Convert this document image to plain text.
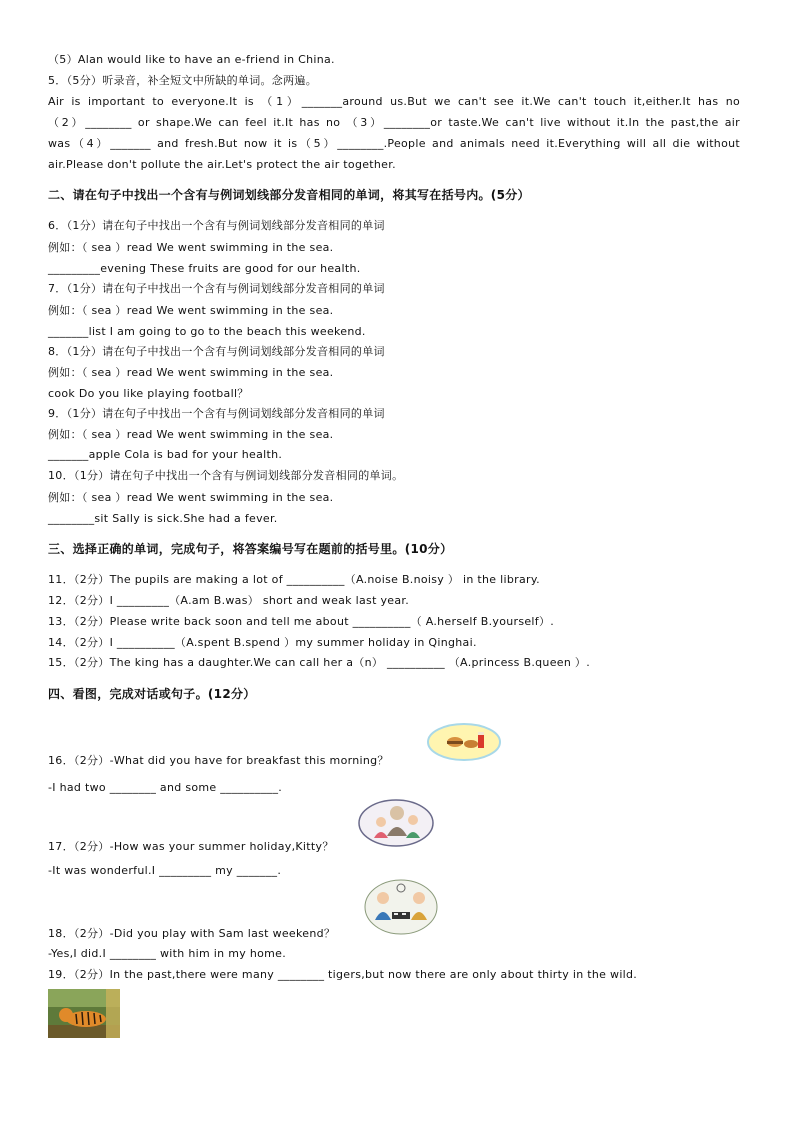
（5）Alan would like to have an e-friend in China.
5．（5分）听录音，补全短文中所缺的单词。念两遍。
Air is important to everyone.It is （1）_______around us.But we can't see it.We can't touch it,either.It has no
（2）________ or shape.We can feel it.It has no （3）________or taste.We can't live without it.In the past,the air
was（4）_______ and fresh.But now it is（5）________.People and animals need it.Everything will all die without
air.Please don't pollute the air.Let's protect the air together.
二、请在句子中找出一个含有与例词划线部分发音相同的单词，将其写在括号内。(5分）
6．（1分）请在句子中找出一个含有与例词划线部分发音相同的单词
例如：（ sea ）read We went swimming in the sea.
_________evening These fruits are good for our health.
7．（1分）请在句子中找出一个含有与例词划线部分发音相同的单词
例如：（ sea ）read We went swimming in the sea.
_______list I am going to go to the beach this weekend.
8．（1分）请在句子中找出一个含有与例词划线部分发音相同的单词
例如：（ sea ）read We went swimming in the sea.
cook Do you like playing football？
9．（1分）请在句子中找出一个含有与例词划线部分发音相同的单词
例如：（ sea ）read We went swimming in the sea.
_______apple Cola is bad for your health.
10．（1分）请在句子中找出一个含有与例词划线部分发音相同的单词。
例如：（ sea ）read We went swimming in the sea.
________sit Sally is sick.She had a fever.
三、选择正确的单词，完成句子，将答案编号写在题前的括号里。(10分）
11．（2分）The pupils are making a lot of __________（A.noise B.noisy ） in the library.
12．（2分）I _________（A.am B.was） short and weak last year.
13．（2分）Please write back soon and tell me about __________（ A.herself B.yourself）.
14．（2分）I __________（A.spent B.spend ）my summer holiday in Qinghai.
15．（2分）The king has a daughter.We can call her a（n） __________ （A.princess B.queen ）.
四、看图，完成对话或句子。(12分）
16．（2分）-What did you have for breakfast this morning？
-I had two ________ and some __________.
17．（2分）-How was your summer holiday,Kitty？
-It was wonderful.I _________ my _______.
18．（2分）-Did you play with Sam last weekend？
-Yes,I did.I ________ with him in my home.
19．（2分）In the past,there were many ________ tigers,but now there are only about thirty in the wild.
